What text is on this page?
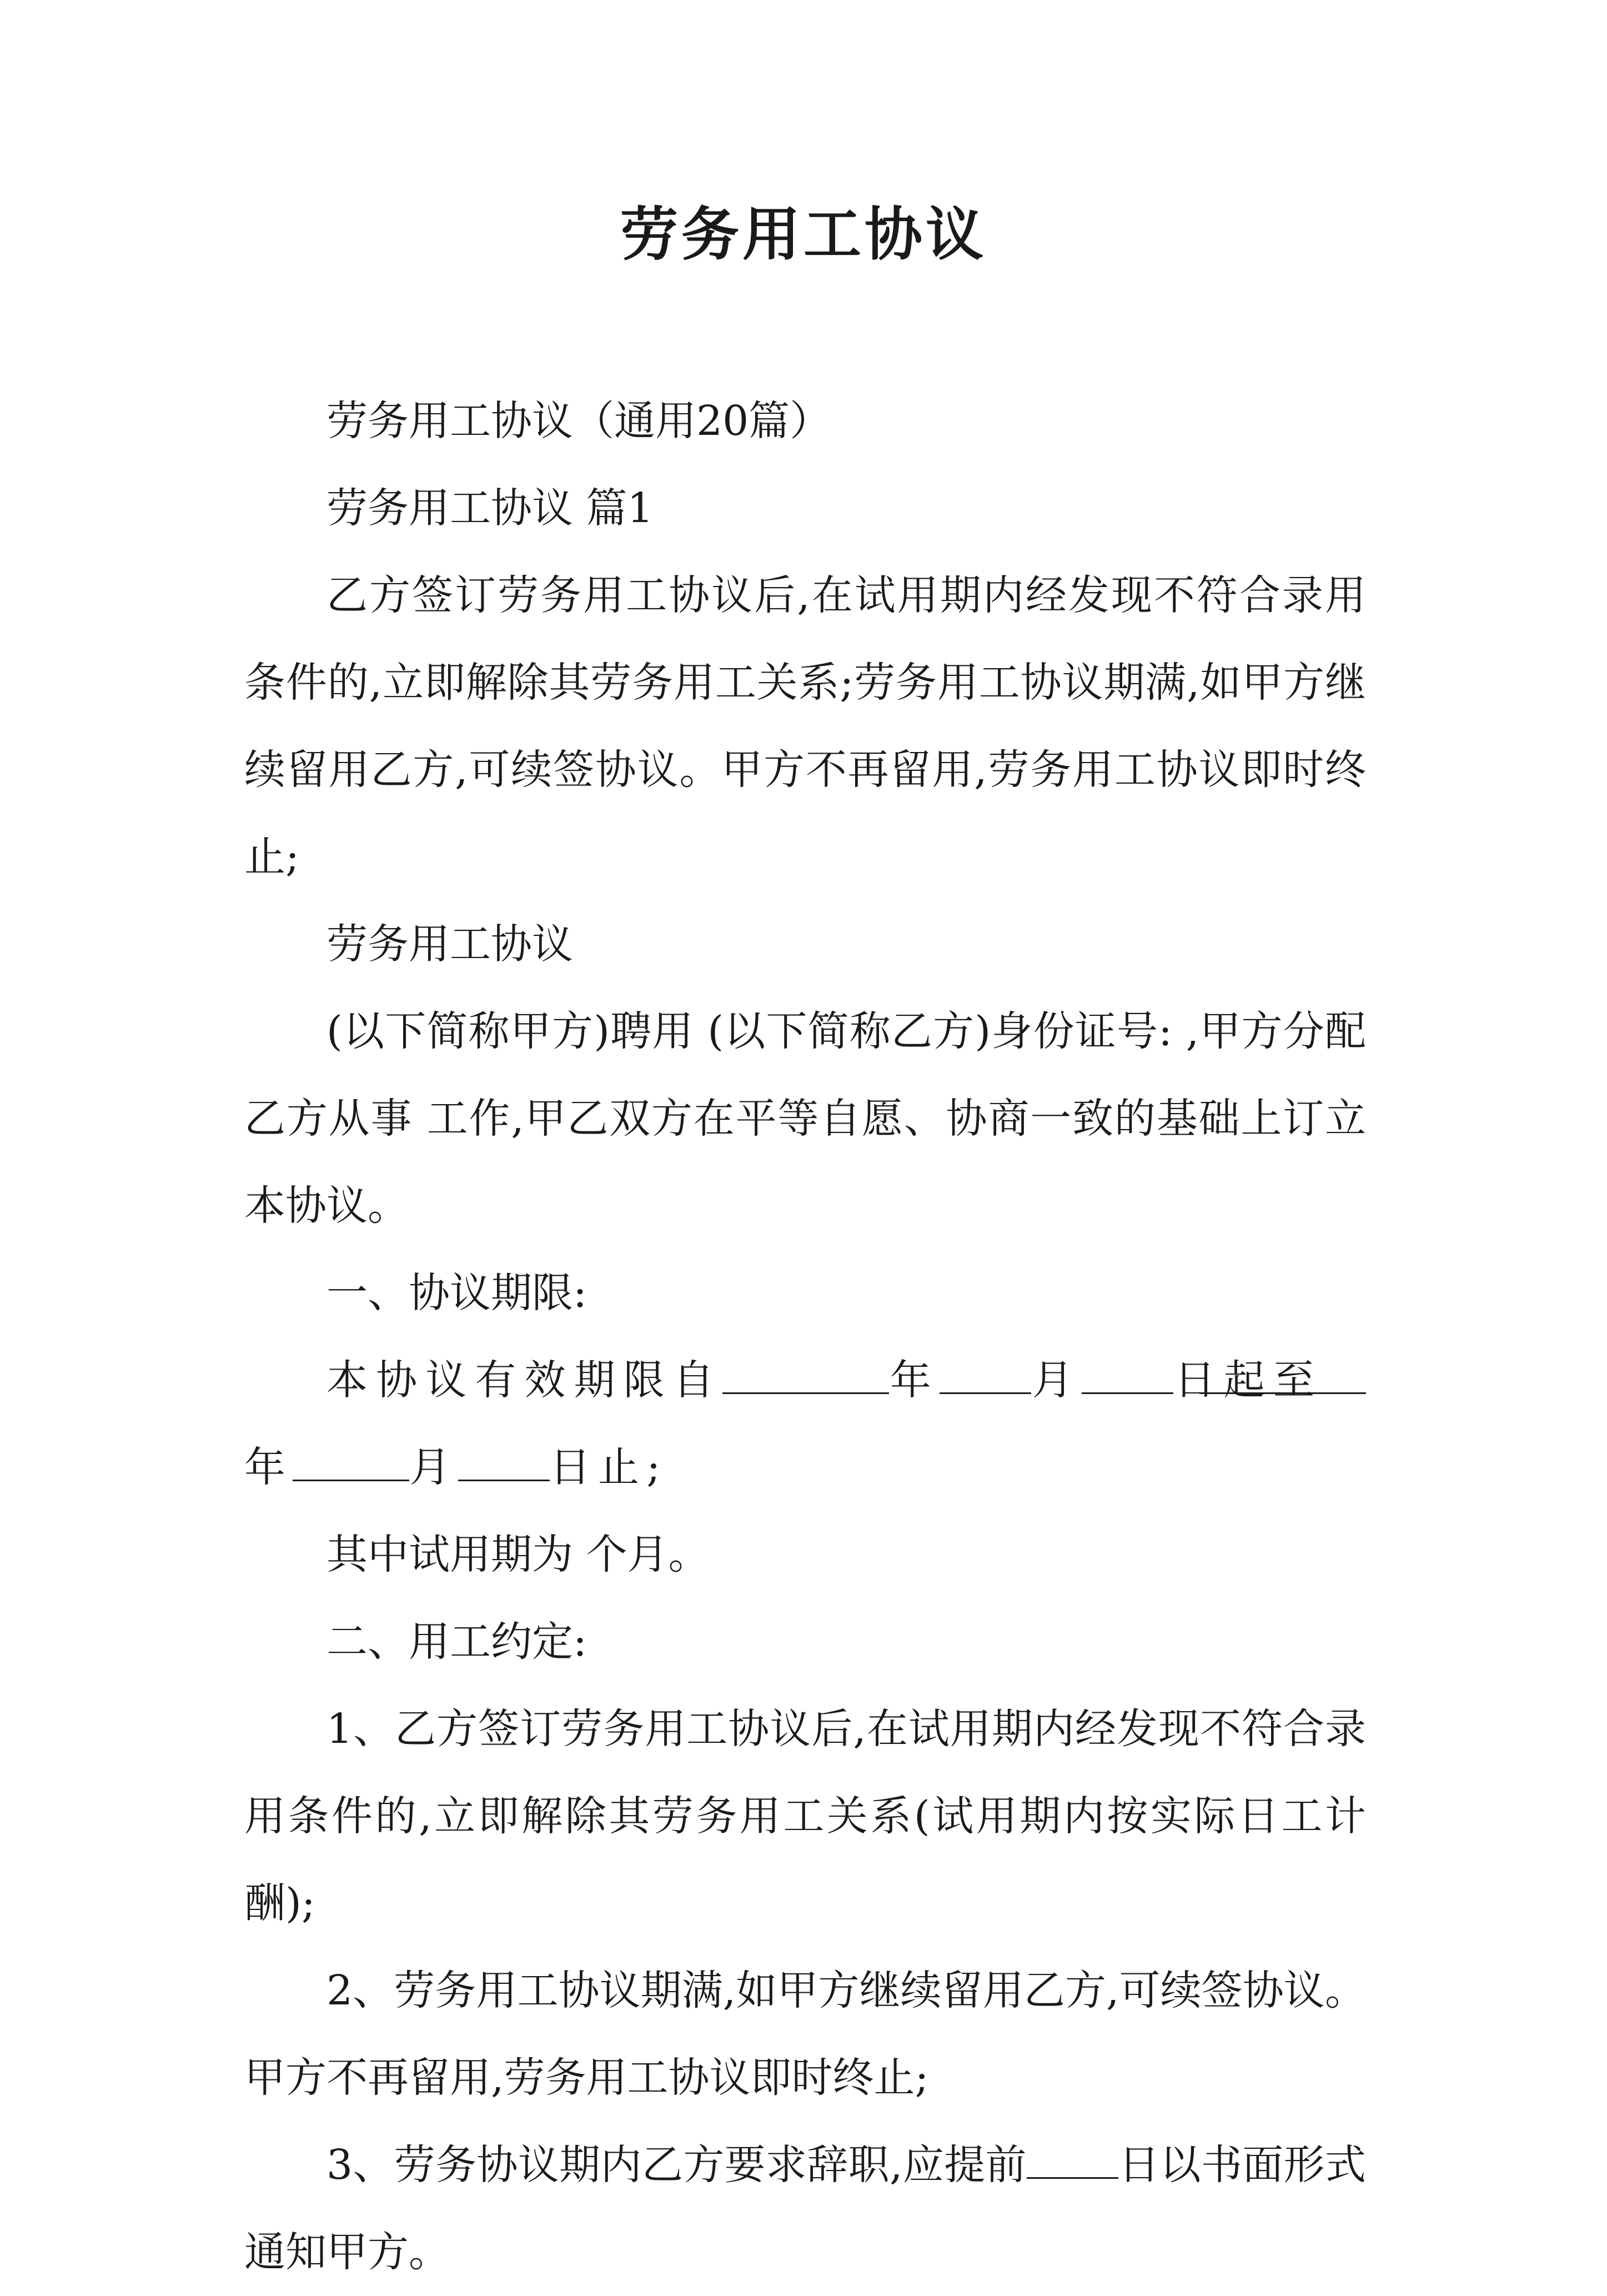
劳务用工协议

劳务用工协议（通用20篇）

劳务用工协议 篇1

乙方签订劳务用工协议后,在试用期内经发现不符合录用条件的,立即解除其劳务用工关系;劳务用工协议期满,如甲方继续留用乙方,可续签协议。甲方不再留用,劳务用工协议即时终止;

劳务用工协议

(以下简称甲方)聘用 (以下简称乙方)身份证号: ,甲方分配乙方从事 工作,甲乙双方在平等自愿、协商一致的基础上订立本协议。

一、协议期限:

本协议有效期限自	年 月 日起至年	月 日止;

其中试用期为 个月。

二、用工约定:

1、乙方签订劳务用工协议后,在试用期内经发现不符合录用条件的,立即解除其劳务用工关系(试用期内按实际日工计酬);

2、劳务用工协议期满,如甲方继续留用乙方,可续签协议。甲方不再留用,劳务用工协议即时终止;

3、劳务协议期内乙方要求辞职,应提前 日以书面形式通知甲方。
